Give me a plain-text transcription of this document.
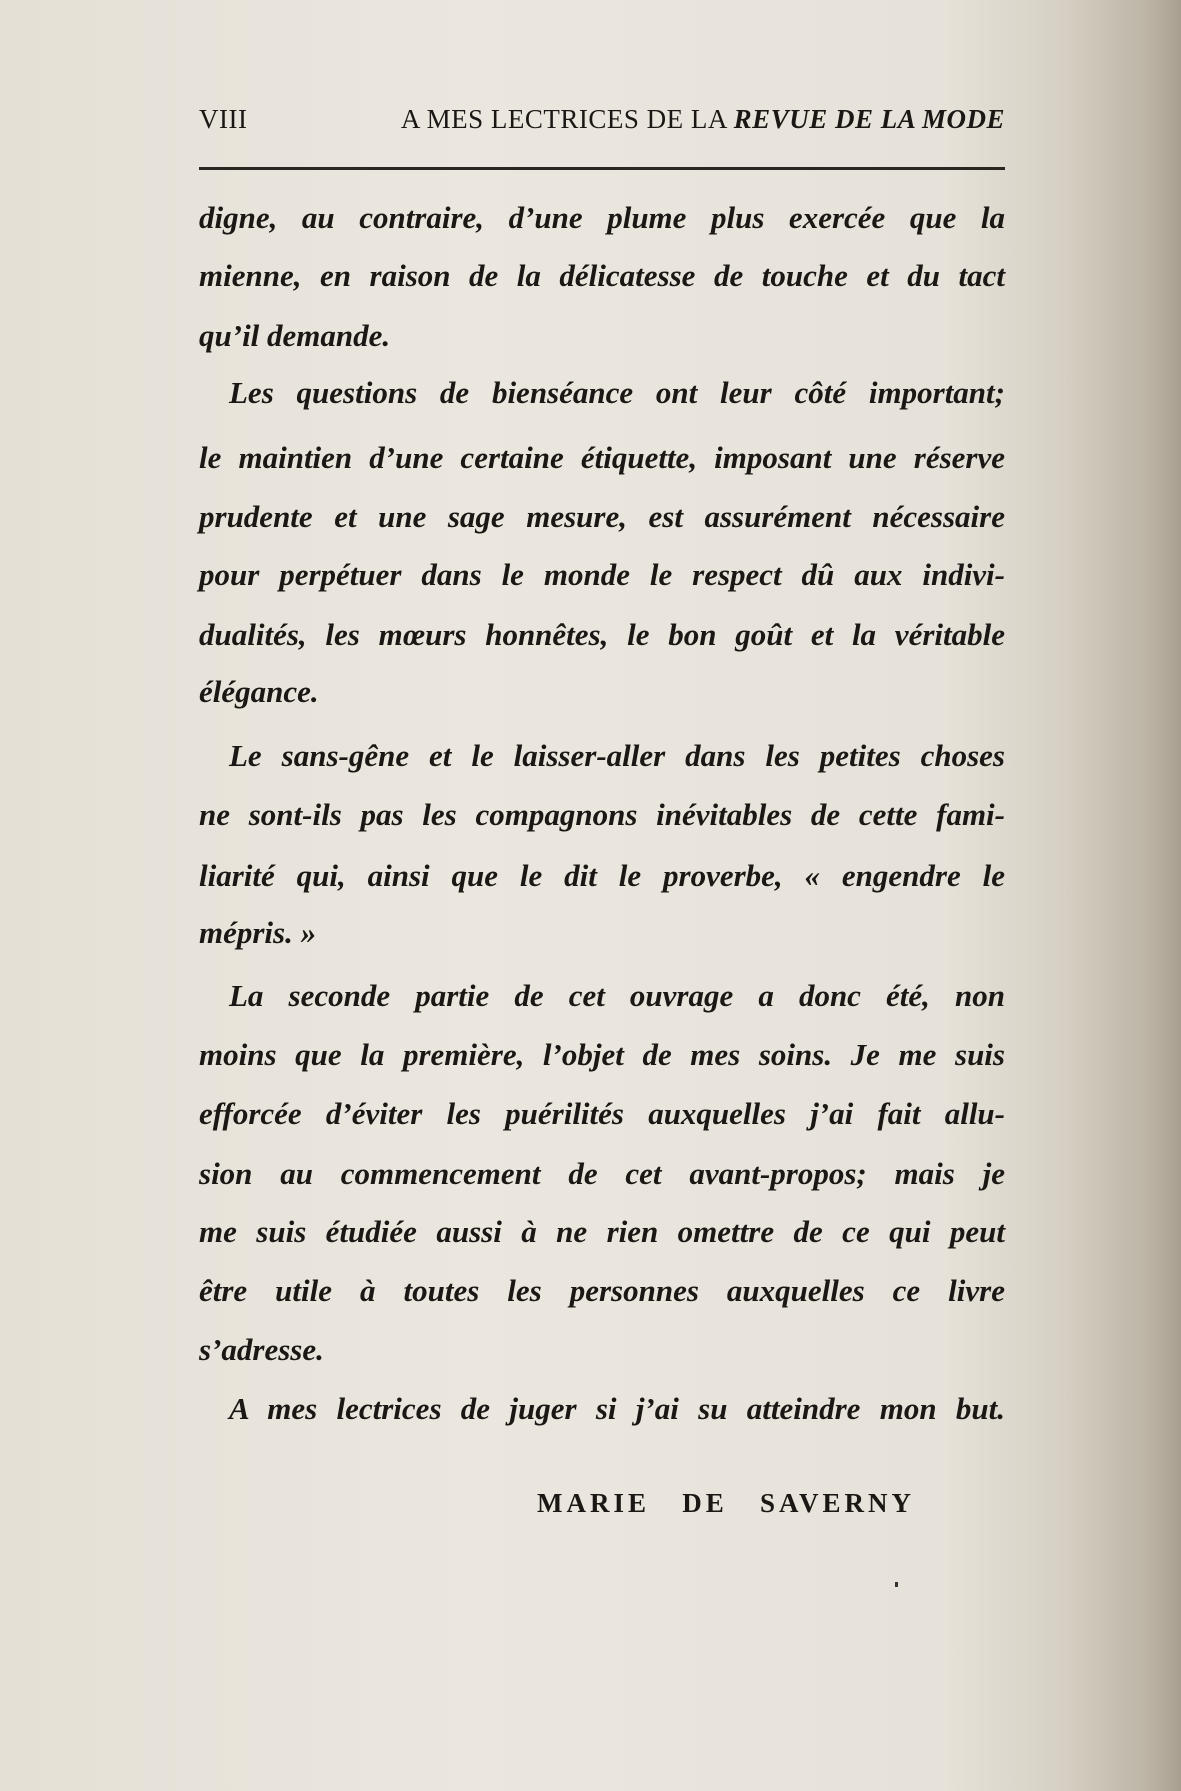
VIII	A MES LECTRICES DE LA REVUE DE LA MODE
digne, au contraire, d’une plume plus exercée que la
mienne, en raison de la délicatesse de touche et du tact
qu’il demande.
Les questions de bienséance ont leur côté important;
le maintien d’une certaine étiquette, imposant une réserve
prudente et une sage mesure, est assurément nécessaire
pour perpétuer dans le monde le respect dû aux indivi-
dualités, les mœurs honnêtes, le bon goût et la véritable
élégance.
Le sans-gêne et le laisser-aller dans les petites choses
ne sont-ils pas les compagnons inévitables de cette fami-
liarité qui, ainsi que le dit le proverbe, « engendre le
mépris. »
La seconde partie de cet ouvrage a donc été, non
moins que la première, l’objet de mes soins. Je me suis
efforcée d’éviter les puérilités auxquelles j’ai fait allu-
sion au commencement de cet avant-propos; mais je
me suis étudiée aussi à ne rien omettre de ce qui peut
être utile à toutes les personnes auxquelles ce livre
s’adresse.
A mes lectrices de juger si j’ai su atteindre mon but.
MARIE DE SAVERNY
